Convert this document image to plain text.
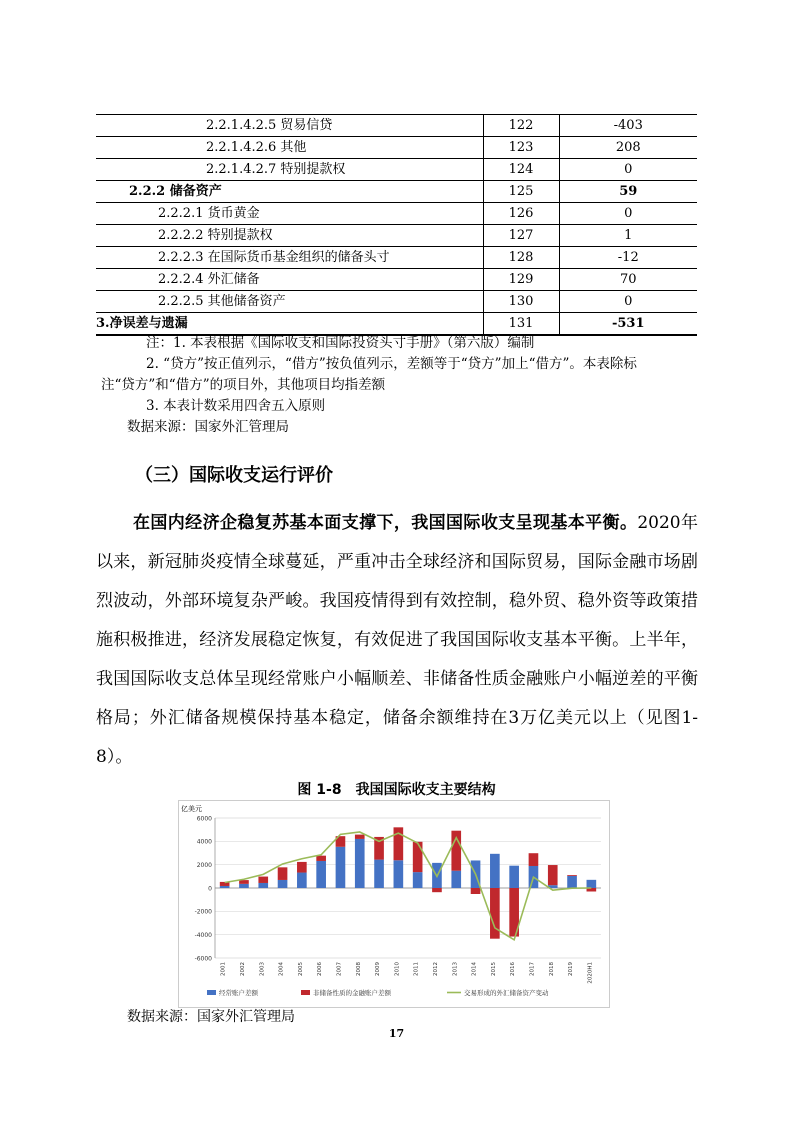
2.2.1.4.2.5 贸易信贷	122	-403
2.2.1.4.2.6 其他	123	208
2.2.1.4.2.7 特别提款权	124	0
2.2.2 储备资产	125	59
2.2.2.1 货币黄金	126	0
2.2.2.2 特别提款权	127	1
2.2.2.3 在国际货币基金组织的储备头寸	128	-12
2.2.2.4 外汇储备	129	70
2.2.2.5 其他储备资产	130	0
3.净误差与遗漏	131	-531
注：1. 本表根据《国际收支和国际投资头寸手册》（第六版）编制
2. “贷方”按正值列示，“借方”按负值列示，差额等于“贷方”加上“借方”。本表除标
注“贷方”和“借方”的项目外，其他项目均指差额
3. 本表计数采用四舍五入原则
数据来源：国家外汇管理局
（三）国际收支运行评价
在国内经济企稳复苏基本面支撑下，我国国际收支呈现基本平衡。2020年以来，新冠肺炎疫情全球蔓延，严重冲击全球经济和国际贸易，国际金融市场剧烈波动，外部环境复杂严峻。我国疫情得到有效控制，稳外贸、稳外资等政策措施积极推进，经济发展稳定恢复，有效促进了我国国际收支基本平衡。上半年，我国国际收支总体呈现经常账户小幅顺差、非储备性质金融账户小幅逆差的平衡格局；外汇储备规模保持基本稳定，储备余额维持在3万亿美元以上（见图1-8）。
图 1-8　我国国际收支主要结构
亿美元
-6000
-4000
-2000
0
2000
4000
6000
2001 2002 2003 2004 2005 2006 2007 2008 2009 2010 2011 2012 2013 2014 2015 2016 2017 2018 2019 2020H1
经常账户差额	非储备性质的金融账户差额	交易形成的外汇储备资产变动
数据来源：国家外汇管理局
17
